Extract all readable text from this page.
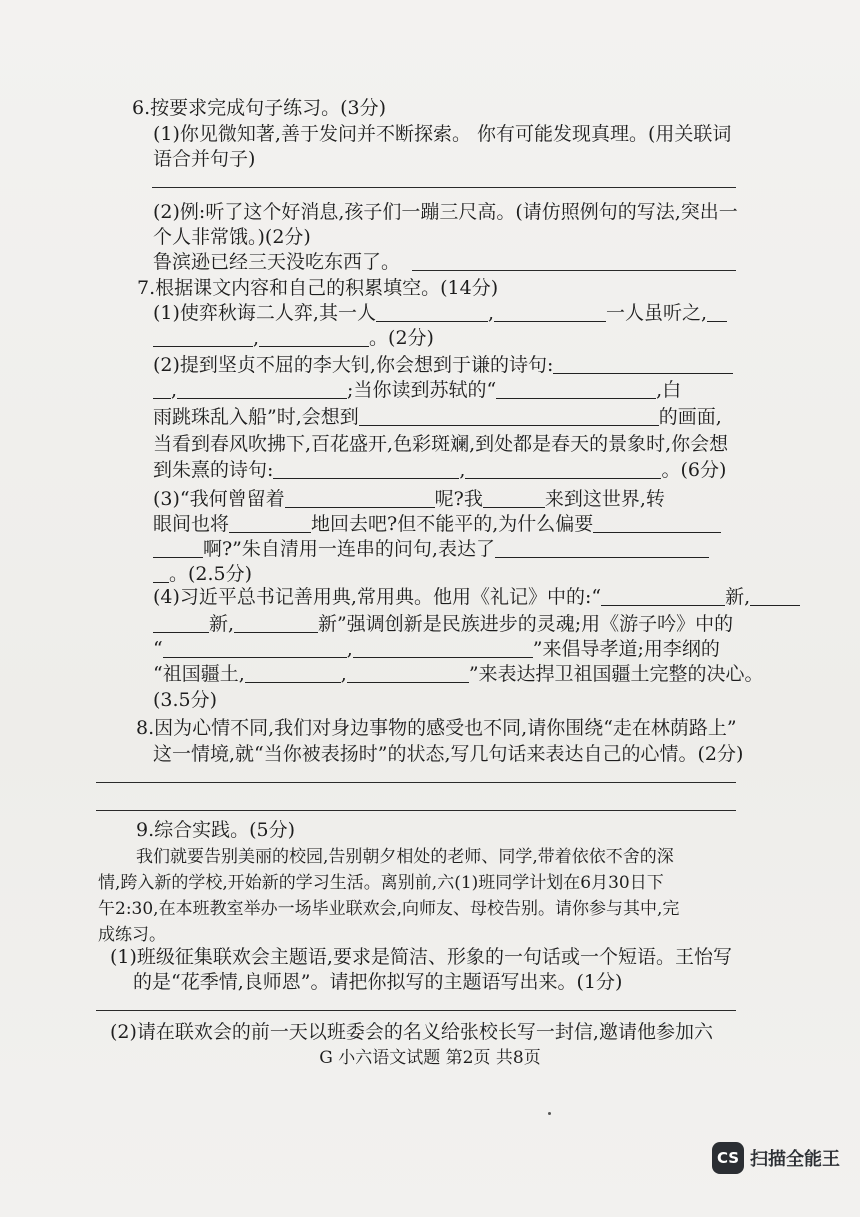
6.按要求完成句子练习。(3分)
(1)你见微知著,善于发问并不断探索。 你有可能发现真理。(用关联词
语合并句子)
(2)例:听了这个好消息,孩子们一蹦三尺高。(请仿照例句的写法,突出一
个人非常饿。)(2分)
鲁滨逊已经三天没吃东西了。
7.根据课文内容和自己的积累填空。(14分)
(1)使弈秋诲二人弈,其一人	,	一人虽听之,
,	。(2分)
(2)提到坚贞不屈的李大钊,你会想到于谦的诗句:
,	;当你读到苏轼的“	,白
雨跳珠乱入船”时,会想到	的画面,
当看到春风吹拂下,百花盛开,色彩斑斓,到处都是春天的景象时,你会想
到朱熹的诗句:	,	。(6分)
(3)“我何曾留着	呢?我	来到这世界,转
眼间也将	地回去吧?但不能平的,为什么偏要
啊?”朱自清用一连串的问句,表达了
。(2.5分)
(4)习近平总书记善用典,常用典。他用《礼记》中的:“	新,
新,	新”强调创新是民族进步的灵魂;用《游子吟》中的
“	,	”来倡导孝道;用李纲的
“祖国疆土,	,	”来表达捍卫祖国疆土完整的决心。
(3.5分)
8.因为心情不同,我们对身边事物的感受也不同,请你围绕“走在林荫路上”
这一情境,就“当你被表扬时”的状态,写几句话来表达自己的心情。(2分)
9.综合实践。(5分)
我们就要告别美丽的校园,告别朝夕相处的老师、同学,带着依依不舍的深
情,跨入新的学校,开始新的学习生活。离别前,六(1)班同学计划在6月30日下
午2:30,在本班教室举办一场毕业联欢会,向师友、母校告别。请你参与其中,完
成练习。
(1)班级征集联欢会主题语,要求是简洁、形象的一句话或一个短语。王怡写
的是“花季情,良师恩”。请把你拟写的主题语写出来。(1分)
(2)请在联欢会的前一天以班委会的名义给张校长写一封信,邀请他参加六
G 小六语文试题 第2页 共8页
CS 扫描全能王
